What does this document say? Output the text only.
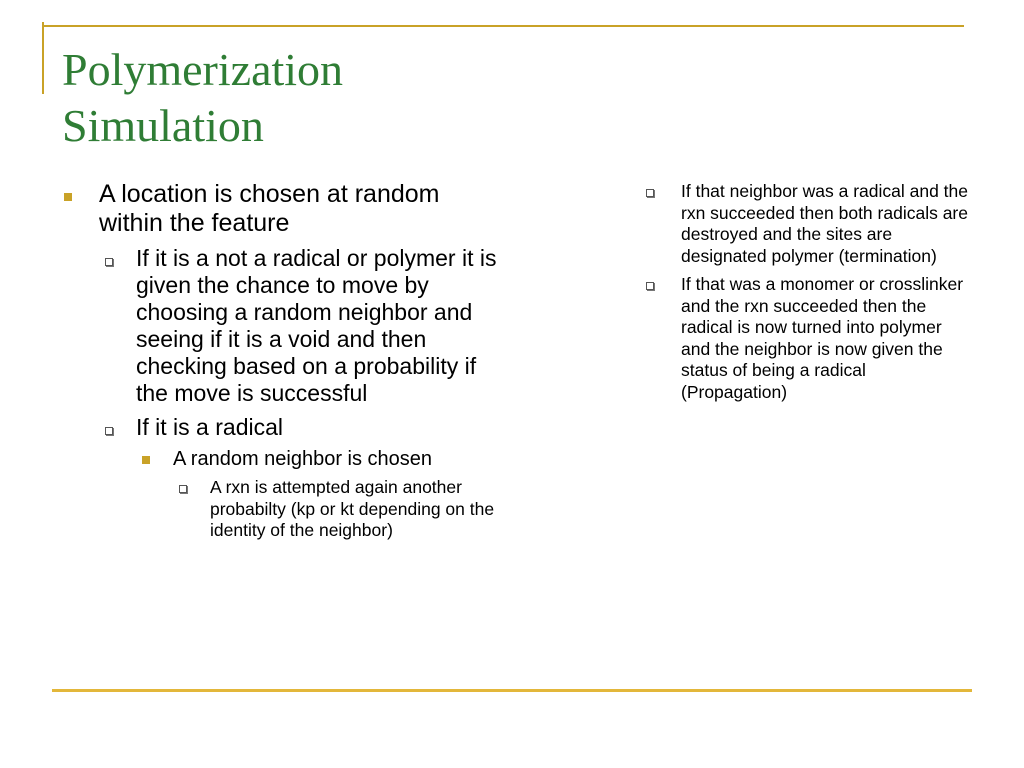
Polymerization
Simulation
A location is chosen at random within the feature
If it is a not a radical or polymer it is given the chance to move by choosing a random neighbor and seeing if it is a void and then checking based on a probability if the move is successful
If it is a radical
A random neighbor is chosen
A rxn is attempted again another probabilty (kp or kt depending on the identity of the neighbor)
If that neighbor was a radical and the rxn succeeded then both radicals are destroyed and the sites are designated polymer (termination)
If that was a monomer or crosslinker and the rxn succeeded then the radical is now turned into polymer and the neighbor is now given the status of being a radical (Propagation)
